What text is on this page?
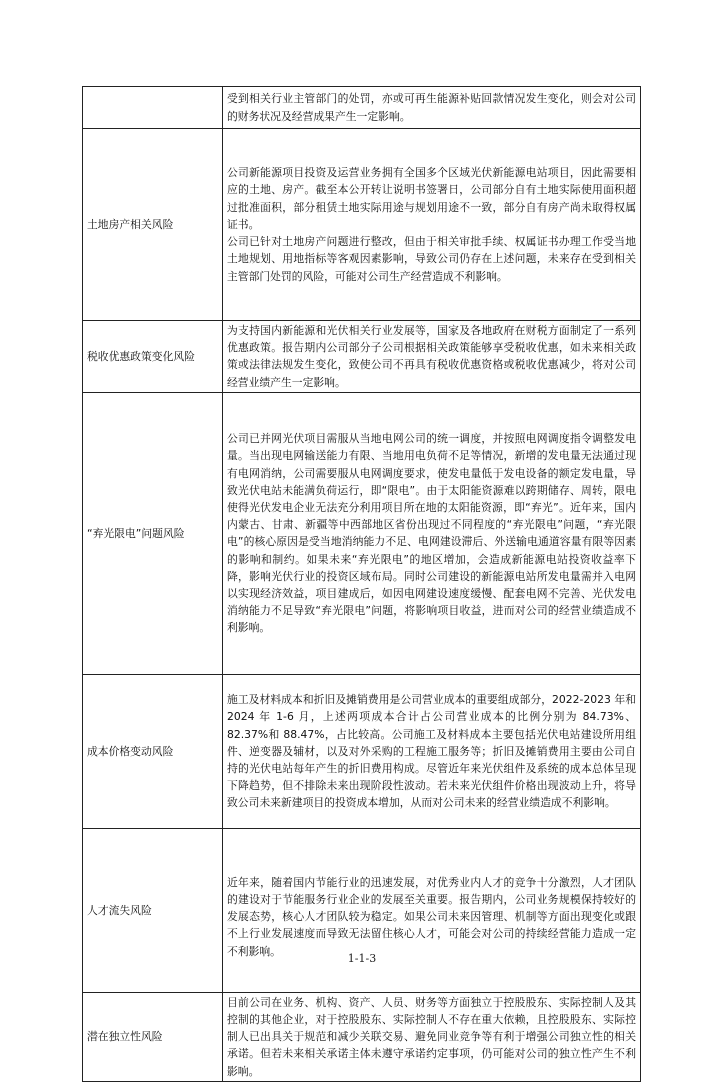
	受到相关行业主管部门的处罚，亦或可再生能源补贴回款情况发生变化，则会对公司的财务状况及经营成果产生一定影响。

土地房产相关风险	公司新能源项目投资及运营业务拥有全国多个区域光伏新能源电站项目，因此需要相应的土地、房产。截至本公开转让说明书签署日，公司部分自有土地实际使用面积超过批准面积，部分租赁土地实际用途与规划用途不一致，部分自有房产尚未取得权属证书。

公司已针对土地房产问题进行整改，但由于相关审批手续、权属证书办理工作受当地土地规划、用地指标等客观因素影响，导致公司仍存在上述问题，未来存在受到相关主管部门处罚的风险，可能对公司生产经营造成不利影响。

税收优惠政策变化风险	为支持国内新能源和光伏相关行业发展等，国家及各地政府在财税方面制定了一系列优惠政策。报告期内公司部分子公司根据相关政策能够享受税收优惠，如未来相关政策或法律法规发生变化，致使公司不再具有税收优惠资格或税收优惠减少，将对公司经营业绩产生一定影响。

“弃光限电”问题风险	公司已并网光伏项目需服从当地电网公司的统一调度，并按照电网调度指令调整发电量。当出现电网输送能力有限、当地用电负荷不足等情况，新增的发电量无法通过现有电网消纳，公司需要服从电网调度要求，使发电量低于发电设备的额定发电量，导致光伏电站未能满负荷运行，即“限电”。由于太阳能资源难以跨期储存、周转，限电使得光伏发电企业无法充分利用项目所在地的太阳能资源，即“弃光”。近年来，国内内蒙古、甘肃、新疆等中西部地区省份出现过不同程度的“弃光限电”问题，“弃光限电”的核心原因是受当地消纳能力不足、电网建设滞后、外送输电通道容量有限等因素的影响和制约。如果未来“弃光限电”的地区增加，会造成新能源电站投资收益率下降，影响光伏行业的投资区域布局。同时公司建设的新能源电站所发电量需并入电网以实现经济效益，项目建成后，如因电网建设速度缓慢、配套电网不完善、光伏发电消纳能力不足导致“弃光限电”问题，将影响项目收益，进而对公司的经营业绩造成不利影响。

成本价格变动风险	施工及材料成本和折旧及摊销费用是公司营业成本的重要组成部分，2022-2023 年和 2024 年 1-6 月，上述两项成本合计占公司营业成本的比例分别为 84.73%、82.37%和 88.47%，占比较高。公司施工及材料成本主要包括光伏电站建设所用组件、逆变器及辅材，以及对外采购的工程施工服务等；折旧及摊销费用主要由公司自持的光伏电站每年产生的折旧费用构成。尽管近年来光伏组件及系统的成本总体呈现下降趋势，但不排除未来出现阶段性波动。若未来光伏组件价格出现波动上升，将导致公司未来新建项目的投资成本增加，从而对公司未来的经营业绩造成不利影响。

人才流失风险	近年来，随着国内节能行业的迅速发展，对优秀业内人才的竞争十分激烈，人才团队的建设对于节能服务行业企业的发展至关重要。报告期内，公司业务规模保持较好的发展态势，核心人才团队较为稳定。如果公司未来因管理、机制等方面出现变化或跟不上行业发展速度而导致无法留住核心人才，可能会对公司的持续经营能力造成一定不利影响。

潜在独立性风险	目前公司在业务、机构、资产、人员、财务等方面独立于控股股东、实际控制人及其控制的其他企业，对于控股股东、实际控制人不存在重大依赖，且控股股东、实际控制人已出具关于规范和减少关联交易、避免同业竞争等有利于增强公司独立性的相关承诺。但若未来相关承诺主体未遵守承诺约定事项，仍可能对公司的独立性产生不利影响。

1-1-3
